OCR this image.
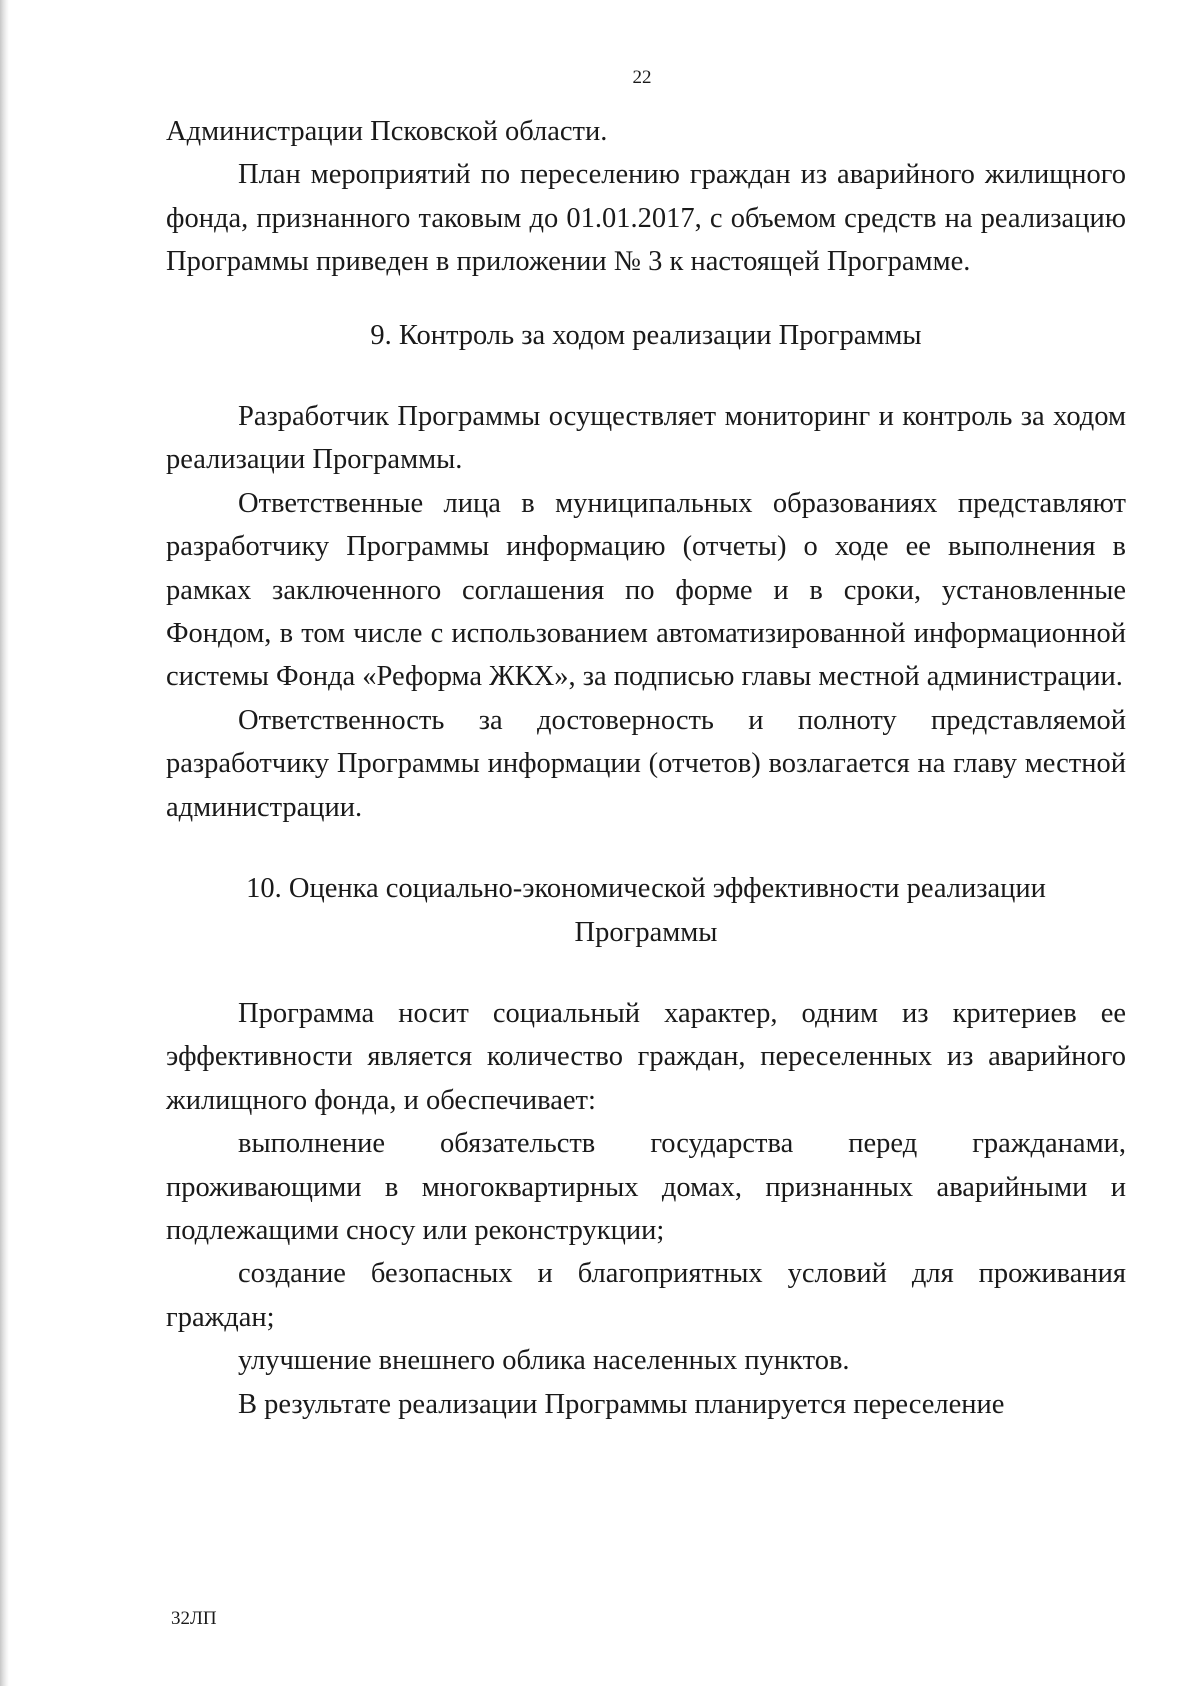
22

Администрации Псковской области.

План мероприятий по переселению граждан из аварийного жилищного фонда, признанного таковым до 01.01.2017, с объемом средств на реализацию Программы приведен в приложении № 3 к настоящей Программе.

9. Контроль за ходом реализации Программы

Разработчик Программы осуществляет мониторинг и контроль за ходом реализации Программы.

Ответственные лица в муниципальных образованиях представляют разработчику Программы информацию (отчеты) о ходе ее выполнения в рамках заключенного соглашения по форме и в сроки, установленные Фондом, в том числе с использованием автоматизированной информационной системы Фонда «Реформа ЖКХ», за подписью главы местной администрации.

Ответственность за достоверность и полноту представляемой разработчику Программы информации (отчетов) возлагается на главу местной администрации.

10. Оценка социально-экономической эффективности реализации
Программы

Программа носит социальный характер, одним из критериев ее эффективности является количество граждан, переселенных из аварийного жилищного фонда, и обеспечивает:

выполнение обязательств государства перед гражданами, проживающими в многоквартирных домах, признанных аварийными и подлежащими сносу или реконструкции;

создание безопасных и благоприятных условий для проживания граждан;

улучшение внешнего облика населенных пунктов.

В результате реализации Программы планируется переселение

32ЛП
